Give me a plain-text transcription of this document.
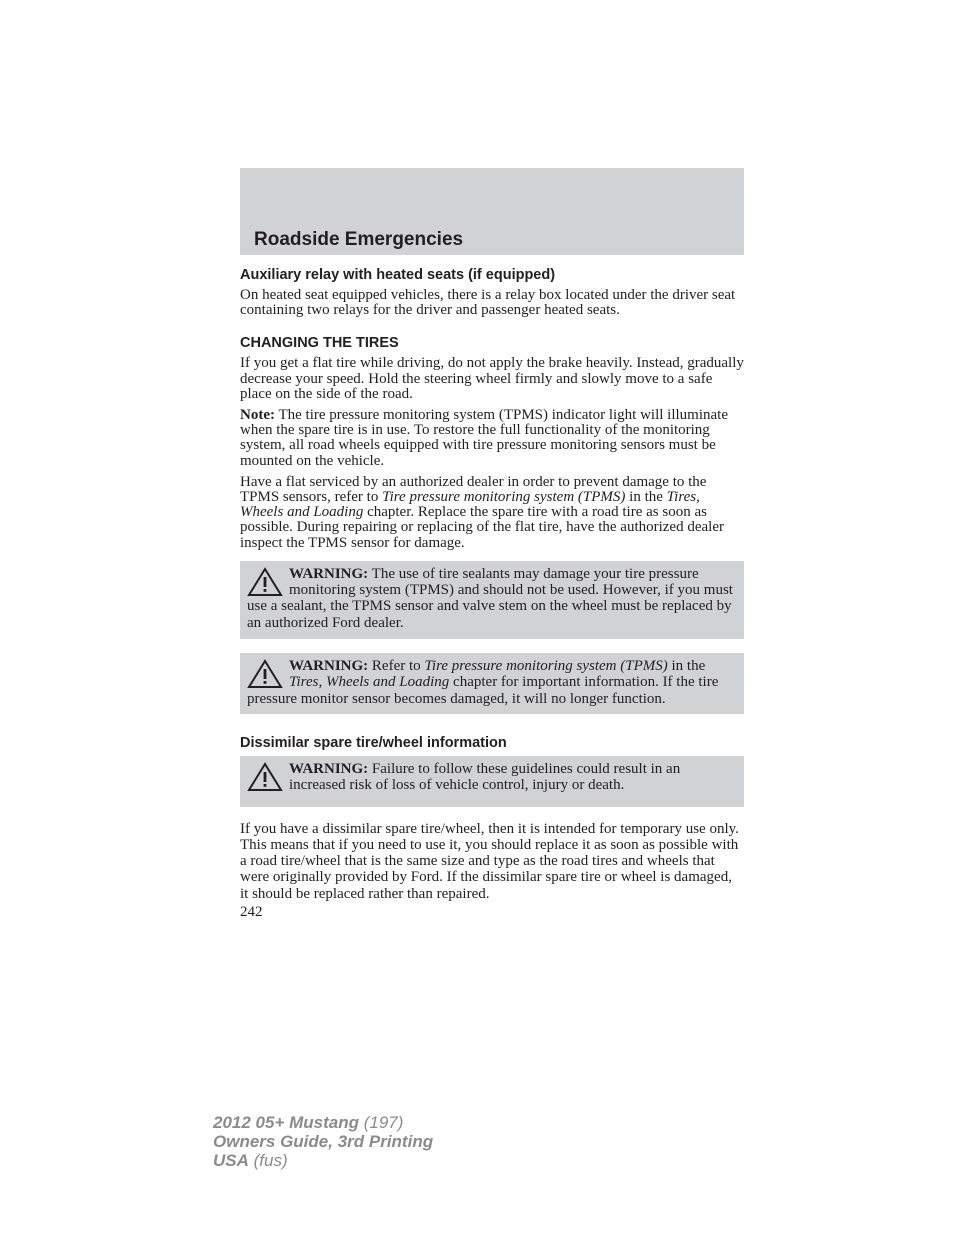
Roadside Emergencies
Auxiliary relay with heated seats (if equipped)

On heated seat equipped vehicles, there is a relay box located under the driver seat containing two relays for the driver and passenger heated seats.

CHANGING THE TIRES

If you get a flat tire while driving, do not apply the brake heavily. Instead, gradually decrease your speed. Hold the steering wheel firmly and slowly move to a safe place on the side of the road.

Note: The tire pressure monitoring system (TPMS) indicator light will illuminate when the spare tire is in use. To restore the full functionality of the monitoring system, all road wheels equipped with tire pressure monitoring sensors must be mounted on the vehicle.

Have a flat serviced by an authorized dealer in order to prevent damage to the TPMS sensors, refer to Tire pressure monitoring system (TPMS) in the Tires, Wheels and Loading chapter. Replace the spare tire with a road tire as soon as possible. During repairing or replacing of the flat tire, have the authorized dealer inspect the TPMS sensor for damage.

WARNING: The use of tire sealants may damage your tire pressure monitoring system (TPMS) and should not be used. However, if you must use a sealant, the TPMS sensor and valve stem on the wheel must be replaced by an authorized Ford dealer.
WARNING: Refer to Tire pressure monitoring system (TPMS) in the Tires, Wheels and Loading chapter for important information. If the tire pressure monitor sensor becomes damaged, it will no longer function.
Dissimilar spare tire/wheel information
WARNING: Failure to follow these guidelines could result in an increased risk of loss of vehicle control, injury or death.

If you have a dissimilar spare tire/wheel, then it is intended for temporary use only. This means that if you need to use it, you should replace it as soon as possible with a road tire/wheel that is the same size and type as the road tires and wheels that were originally provided by Ford. If the dissimilar spare tire or wheel is damaged, it should be replaced rather than repaired.

242
2012 05+ Mustang (197)
Owners Guide, 3rd Printing
USA (fus)
